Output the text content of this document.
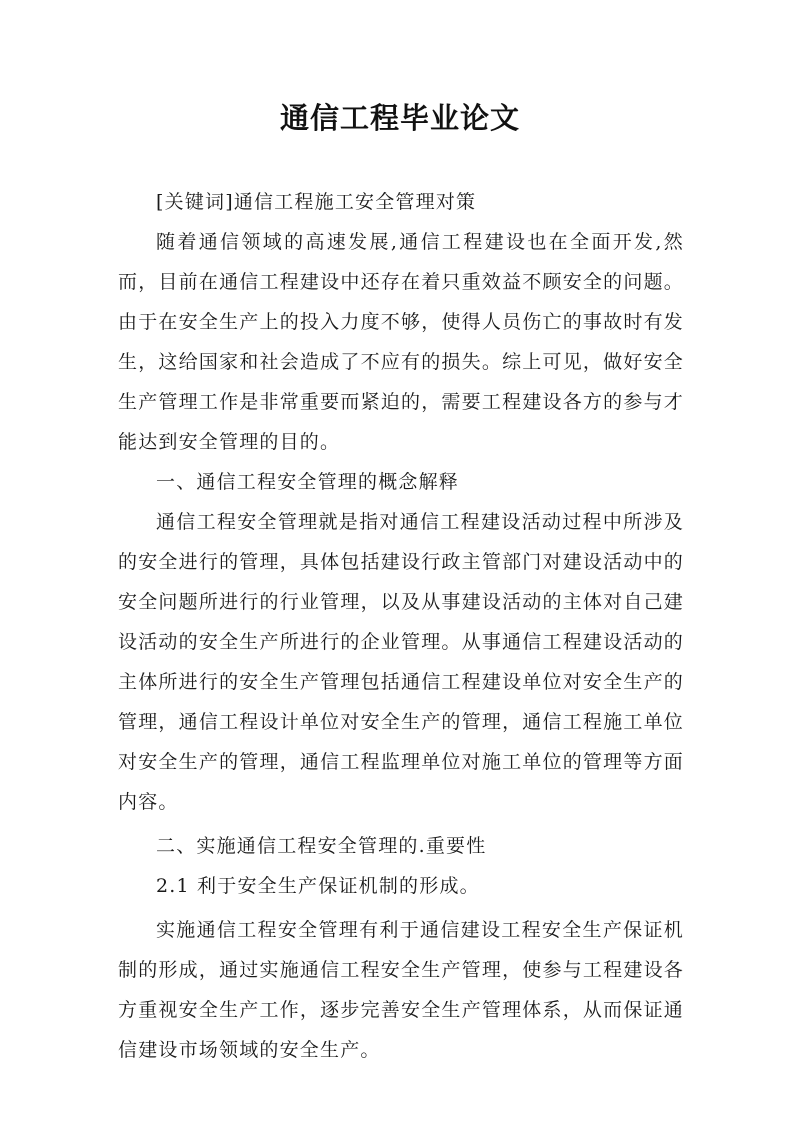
通信工程毕业论文

[关键词]通信工程施工安全管理对策

随着通信领域的高速发展,通信工程建设也在全面开发,然而，目前在通信工程建设中还存在着只重效益不顾安全的问题。由于在安全生产上的投入力度不够，使得人员伤亡的事故时有发生，这给国家和社会造成了不应有的损失。综上可见，做好安全生产管理工作是非常重要而紧迫的，需要工程建设各方的参与才能达到安全管理的目的。

一、通信工程安全管理的概念解释

通信工程安全管理就是指对通信工程建设活动过程中所涉及的安全进行的管理，具体包括建设行政主管部门对建设活动中的安全问题所进行的行业管理，以及从事建设活动的主体对自己建设活动的安全生产所进行的企业管理。从事通信工程建设活动的主体所进行的安全生产管理包括通信工程建设单位对安全生产的管理，通信工程设计单位对安全生产的管理，通信工程施工单位对安全生产的管理，通信工程监理单位对施工单位的管理等方面内容。

二、实施通信工程安全管理的.重要性

2.1 利于安全生产保证机制的形成。

实施通信工程安全管理有利于通信建设工程安全生产保证机制的形成，通过实施通信工程安全生产管理，使参与工程建设各方重视安全生产工作，逐步完善安全生产管理体系，从而保证通信建设市场领域的安全生产。
